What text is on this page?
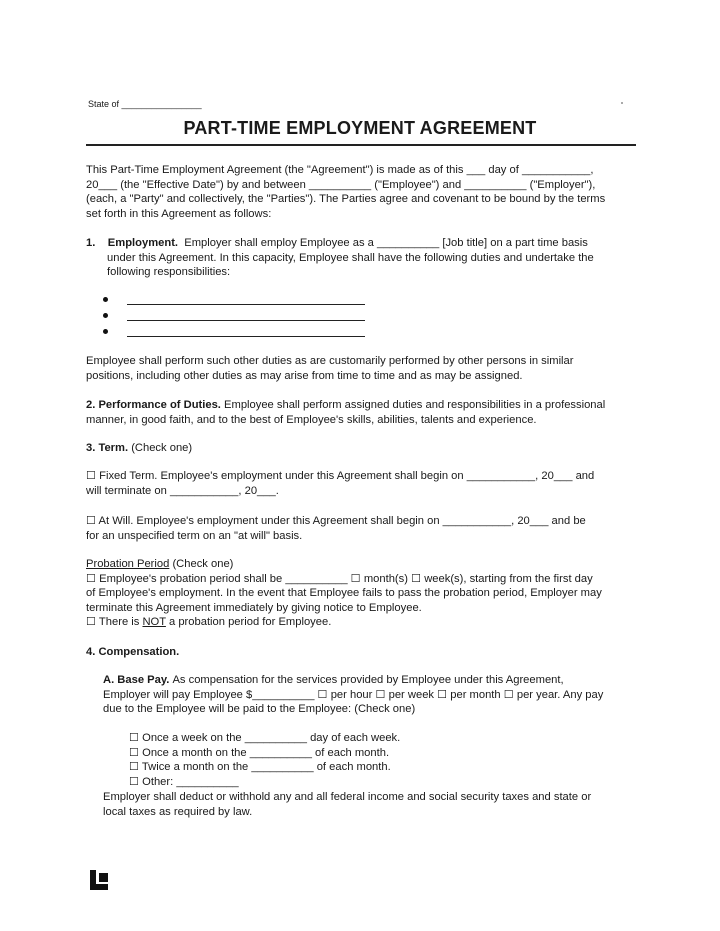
State of ________________
PART-TIME EMPLOYMENT AGREEMENT
This Part-Time Employment Agreement (the "Agreement") is made as of this ___ day of ___________,
20___ (the "Effective Date") by and between __________ ("Employee") and __________ ("Employer"),
(each, a "Party" and collectively, the "Parties"). The Parties agree and covenant to be bound by the terms
set forth in this Agreement as follows:
1. Employment. Employer shall employ Employee as a __________ [Job title] on a part time basis
under this Agreement. In this capacity, Employee shall have the following duties and undertake the
following responsibilities:
Employee shall perform such other duties as are customarily performed by other persons in similar
positions, including other duties as may arise from time to time and as may be assigned.
2. Performance of Duties. Employee shall perform assigned duties and responsibilities in a professional
manner, in good faith, and to the best of Employee's skills, abilities, talents and experience.
3. Term. (Check one)
☐ Fixed Term. Employee's employment under this Agreement shall begin on ___________, 20___ and
will terminate on ___________, 20___.
☐ At Will. Employee's employment under this Agreement shall begin on ___________, 20___ and be
for an unspecified term on an "at will" basis.
Probation Period (Check one)
☐ Employee's probation period shall be __________ ☐ month(s) ☐ week(s), starting from the first day
of Employee's employment. In the event that Employee fails to pass the probation period, Employer may
terminate this Agreement immediately by giving notice to Employee.
☐ There is NOT a probation period for Employee.
4. Compensation.
A. Base Pay. As compensation for the services provided by Employee under this Agreement,
Employer will pay Employee $__________ ☐ per hour ☐ per week ☐ per month ☐ per year. Any pay
due to the Employee will be paid to the Employee: (Check one)
☐ Once a week on the __________ day of each week.
☐ Once a month on the __________ of each month.
☐ Twice a month on the __________ of each month.
☐ Other: __________
Employer shall deduct or withhold any and all federal income and social security taxes and state or
local taxes as required by law.
